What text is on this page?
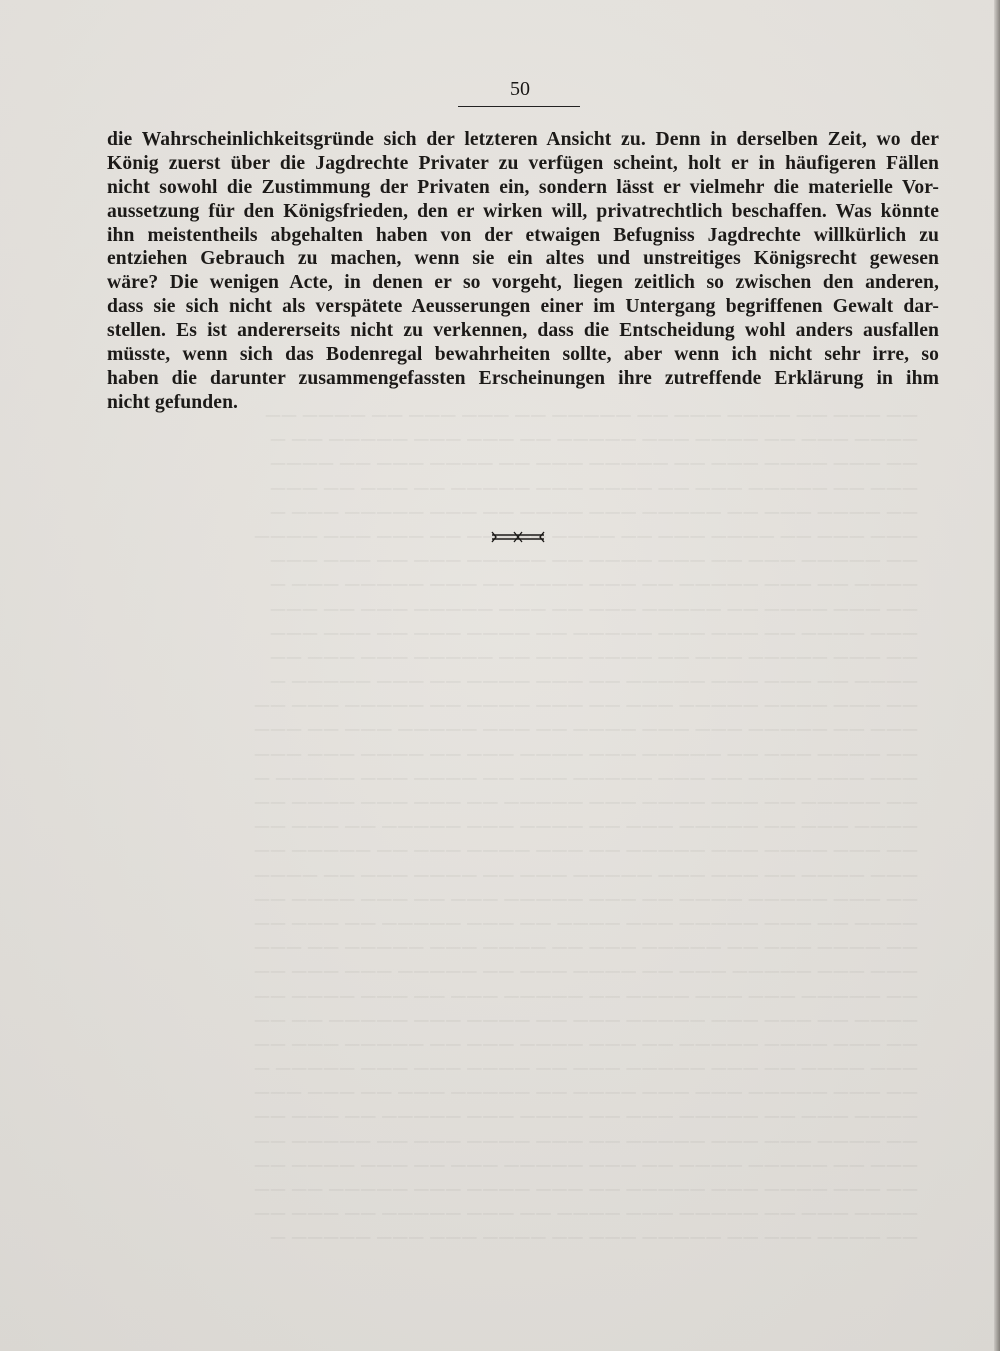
—— ——— —— ———— ——— —— ————— —— ——— ——— —— ———— ——
———— ——— —— ———— ——— ————— —— ——— ——— ————— —— —
—— ——— ———— ——— —— ————— ——— —— ———— ——— —— ————
——— —— ————— ——— —— ———— ——— ————— —— ——— —— ———
—— ———— ——— —— ————— ——— ———— —— ——— ————— ——— —
——— ——— —— ———— ——— —— ———— ————— —— ——— ——— ————
—— ————— ——— —— ——— ———— —— ————— ——— —— ——— ———
———— —— ——— ————— —— ——— ———— —— ——— ————— ——— —
—— ——— ———— —— ————— ——— —— ——— ————— ——— —— ———
——— ———— —— ——— ——— ————— —— ———— ——— —— ——— ———
—— ——— ————— ——— —— ———— ——— —— ————— ——— ——— ——
———— —— ——— ——— ————— —— ——— ———— —— ——— ————— —
—— ——— ———— ————— ——— —— ——— ———— —— ————— ——— ——
——— —— ————— ——— ——— ———— —— ——— ————— ——— —— ———
—— ———— ——— —— ————— ——— ———— ——— —— ———— ——— ———
——— ——— ———— —— ——— ————— ——— —— ———— ——— ————— —
—— ————— —— ——— ———— ——— ————— —— ——— ——— ———— ——
———— ——— —— ————— ——— —— ———— ——— ————— —— ——— ——
—— ——— ———— ——— ————— —— ——— ———— ——— —— ————— ——
——— ———— —— ——— ——— ————— ——— —— ———— ——— —— ————
—— ——— ————— ———— —— ——— ————— ——— —— ——— ———— ——
———— —— ——— ————— ——— ———— —— ——— ————— —— ——— ——
—— ———— ——— —— ————— ——— —— ———— ——— ————— —— ———
——— ——— ————— ——— —— ———— ——— —— ————— ——— ——— ——
—— ————— ——— ——— ———— —— ————— ——— —— ——— ———— ——
———— —— ——— ——— ————— ——— —— ———— ——— ————— —— ——
—— ——— ———— ————— —— ——— ———— ——— —— ————— ——— ——
——— ———— —— ——— ————— ——— —— ———— ——— ——— ————— —
—— ——— ————— ——— ——— ———— —— ————— ——— —— ——— ———
———— ——— —— ————— ——— —— ———— ——— ————— —— ——— ——
—— ———— ——— ——— ————— —— ——— ———— ——— —— ————— ——
——— —— ————— ———— —— ——— ————— ——— —— ——— ———— ——
—— ——— ———— ——— ————— —— ——— ———— ——— ————— —— ——
———— ——— —— ————— ——— ———— —— ——— ————— —— ——— ——
—— ———— ——— —— ————— ——— —— ———— ——— ——— ————— —
50
die Wahrscheinlichkeitsgründe sich der letzteren Ansicht zu. Denn in derselben Zeit, wo der
König zuerst über die Jagdrechte Privater zu verfügen scheint, holt er in häufigeren Fällen
nicht sowohl die Zustimmung der Privaten ein, sondern lässt er vielmehr die materielle Vor-
aussetzung für den Königsfrieden, den er wirken will, privatrechtlich beschaffen. Was könnte
ihn meistentheils abgehalten haben von der etwaigen Befugniss Jagdrechte willkürlich zu
entziehen Gebrauch zu machen, wenn sie ein altes und unstreitiges Königsrecht gewesen
wäre? Die wenigen Acte, in denen er so vorgeht, liegen zeitlich so zwischen den anderen,
dass sie sich nicht als verspätete Aeusserungen einer im Untergang begriffenen Gewalt dar-
stellen. Es ist andererseits nicht zu verkennen, dass die Entscheidung wohl anders ausfallen
müsste, wenn sich das Bodenregal bewahrheiten sollte, aber wenn ich nicht sehr irre, so
haben die darunter zusammengefassten Erscheinungen ihre zutreffende Erklärung in ihm
nicht gefunden.
